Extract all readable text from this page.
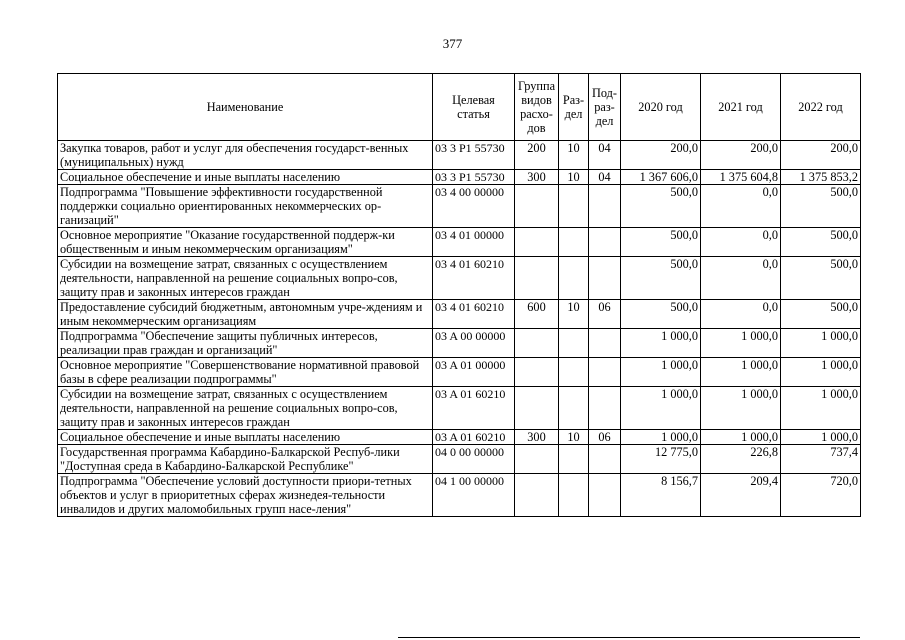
377
Наименование	Целевая статья	Группа видов расхо-дов	Раз-дел	Под-раз-дел	2020 год	2021 год	2022 год
Закупка товаров, работ и услуг для обеспечения государст-венных (муниципальных) нужд	03 3 P1 55730	200	10	04	200,0	200,0	200,0
Социальное обеспечение и иные выплаты населению	03 3 P1 55730	300	10	04	1 367 606,0	1 375 604,8	1 375 853,2
Подпрограмма "Повышение эффективности государственной поддержки социально ориентированных некоммерческих ор-ганизаций"	03 4 00 00000				500,0	0,0	500,0
Основное мероприятие "Оказание государственной поддерж-ки общественным и иным некоммерческим организациям"	03 4 01 00000				500,0	0,0	500,0
Субсидии на возмещение затрат, связанных с осуществлением деятельности, направленной на решение социальных вопро-сов, защиту прав и законных интересов граждан	03 4 01 60210				500,0	0,0	500,0
Предоставление субсидий бюджетным, автономным учре-ждениям и иным некоммерческим организациям	03 4 01 60210	600	10	06	500,0	0,0	500,0
Подпрограмма "Обеспечение защиты публичных интересов, реализации прав граждан и организаций"	03 A 00 00000				1 000,0	1 000,0	1 000,0
Основное мероприятие "Совершенствование нормативной правовой базы в сфере реализации подпрограммы"	03 A 01 00000				1 000,0	1 000,0	1 000,0
Субсидии на возмещение затрат, связанных с осуществлением деятельности, направленной на решение социальных вопро-сов, защиту прав и законных интересов граждан	03 A 01 60210				1 000,0	1 000,0	1 000,0
Социальное обеспечение и иные выплаты населению	03 A 01 60210	300	10	06	1 000,0	1 000,0	1 000,0
Государственная программа Кабардино-Балкарской Респуб-лики "Доступная среда в Кабардино-Балкарской Республике"	04 0 00 00000				12 775,0	226,8	737,4
Подпрограмма "Обеспечение условий доступности приори-тетных объектов и услуг в приоритетных сферах жизнедея-тельности инвалидов и других маломобильных групп насе-ления"	04 1 00 00000				8 156,7	209,4	720,0
